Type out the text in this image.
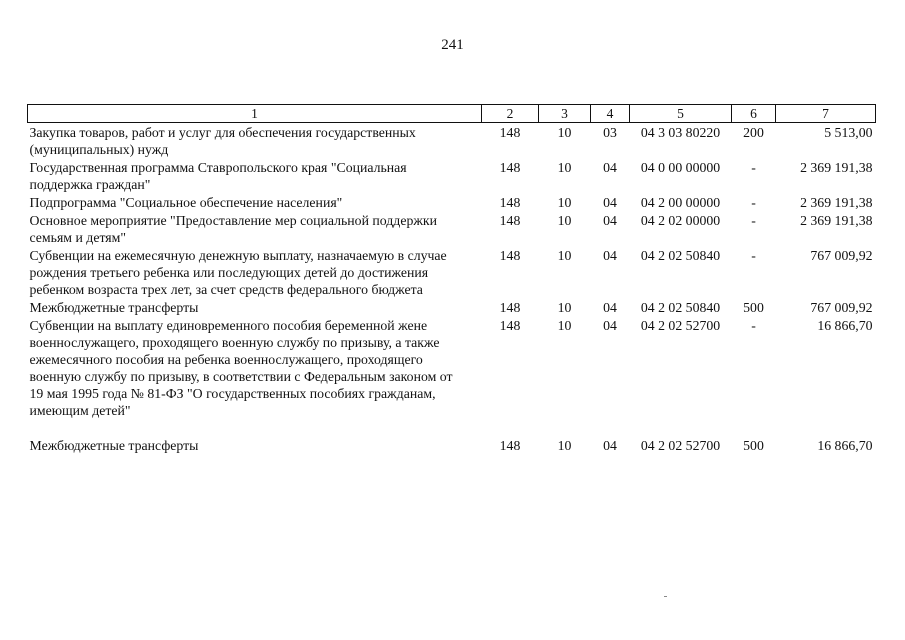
241
1	2	3	4	5	6	7
Закупка товаров, работ и услуг для обеспечения государственных (муниципальных) нужд	148	10	03	04 3 03 80220	200	5 513,00
Государственная программа Ставропольского края "Социальная поддержка граждан"	148	10	04	04 0 00 00000	-	2 369 191,38
Подпрограмма "Социальное обеспечение населения"	148	10	04	04 2 00 00000	-	2 369 191,38
Основное мероприятие "Предоставление мер социальной поддержки семьям и детям"	148	10	04	04 2 02 00000	-	2 369 191,38
Субвенции на ежемесячную денежную выплату, назначаемую в случае рождения третьего ребенка или последующих детей до достижения ребенком возраста трех лет, за счет средств федерального бюджета	148	10	04	04 2 02 50840	-	767 009,92
Межбюджетные трансферты	148	10	04	04 2 02 50840	500	767 009,92
Субвенции на выплату единовременного пособия беременной жене военнослужащего, проходящего военную службу по призыву, а также ежемесячного пособия на ребенка военнослужащего, проходящего военную службу по призыву, в соответствии с Федеральным законом от 19 мая 1995 года № 81-ФЗ "О государственных пособиях гражданам, имеющим детей"	148	10	04	04 2 02 52700	-	16 866,70

Межбюджетные трансферты	148	10	04	04 2 02 52700	500	16 866,70
